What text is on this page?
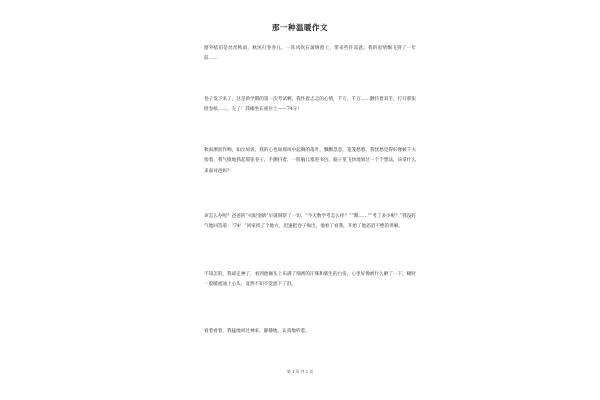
那一种温暖作文

窗外依旧是丝丝秋雨，秋风打卷卷儿，一阵风吹在玻璃窗上，带来些许凉意。我的思绪飘飞到了一年前……

卷子发下来了，这是新学期的第一次考试啊，我怀着忐忑的心情，千万，千万……颤抖着双手，打开那张批卷纸……，完了！我瘫坐在座位上——74分！

秋雨淅沥作响，如泣如诉，我的心也如那风中起舞的落叶，飘飘忽忽，笼笼愁愁。我忧愁觉得好像被千夫指着，我气愤地抓起那张卷子，手颤抖着，一股脑儿塞进书包，脑子里飞快地划过一个个想法，该拿什么来面对爸妈？

该怎么办呢？爸爸的“火眼金睛”早就洞察了一切。“今天数学考怎么样？”“嗯……”“考了多少呢？”我没好气地回答道：“74！”回家找了个地方，迅速把卷子掏出，他看了看我，开始了他滔滔不绝的讲解。

不知怎的，我却走神了，看到他额头上布满了细密的汗珠和新生的白发，心里好像被什么揪了一下，顿时一股暖流涌上心头，竟然不知不觉流下了泪。

看着看着，我猛地回过神来，静静地，认真地听着。

第 1 页 共 2 页
